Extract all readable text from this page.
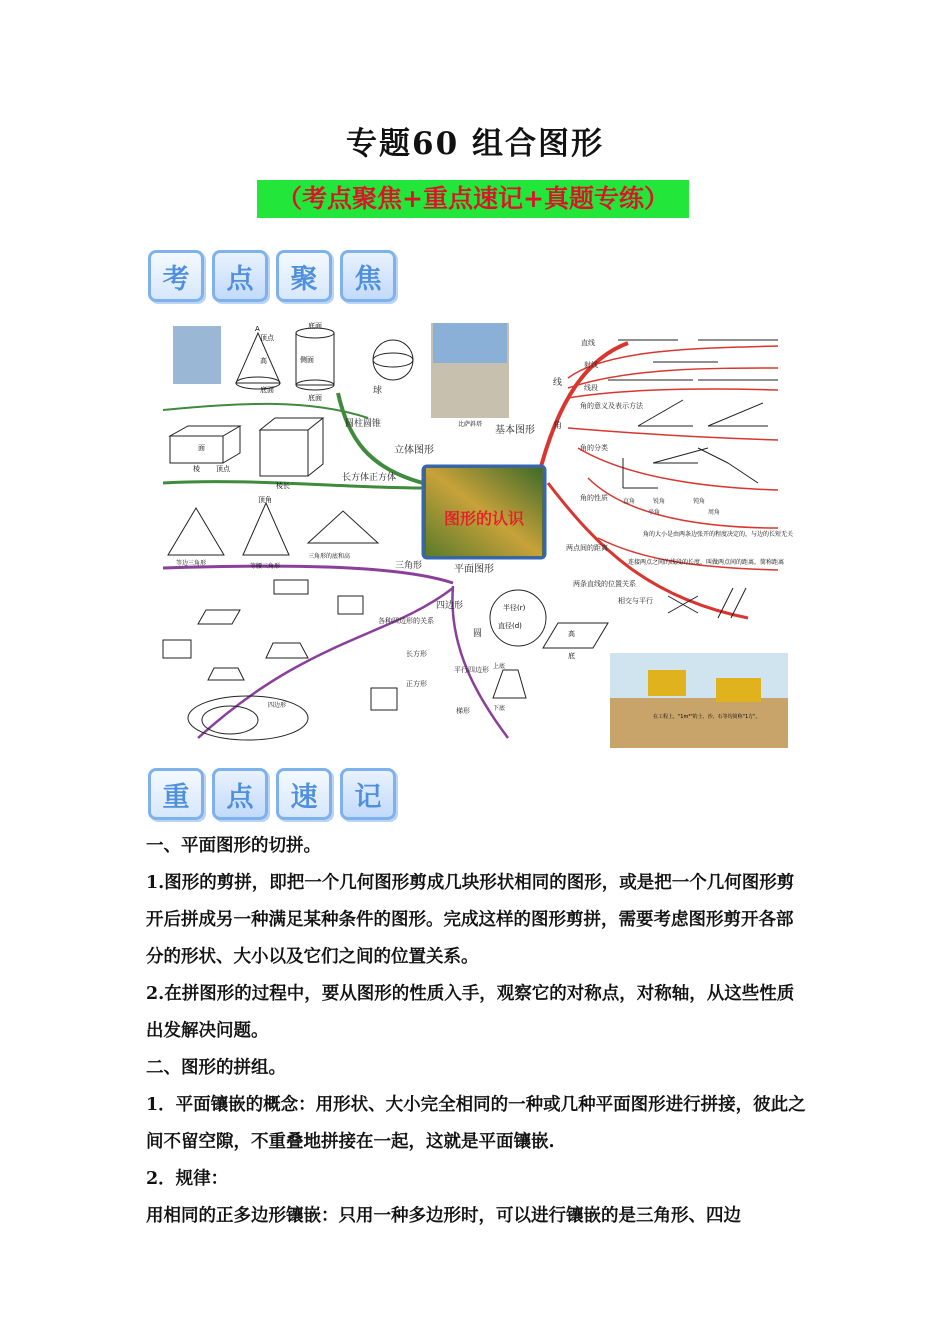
专题60 组合图形
（考点聚焦+重点速记+真题专练）
考	点	聚	焦
图形的认识
比萨斜塔
A
顶点
高
底面
底面
侧面
底面
面
棱 顶点
棱长
顶角
等边三角形	等腰三角形
三角形的底和高
四边形
高
底
上底
下底
半径(r)
直径(d)
直线
射线
线段
线
角
角的意义及表示方法
角的分类
角的性质
两点间的距离
两条直线的位置关系
相交与平行
钝角
直角	锐角
平角	周角
角的大小是由两条边张开的程度决定的，与边的长短无关
连接两点之间的线段的长度，叫做两点间的距离，简称距离
球
圆柱圆锥
长方体正方体
立体图形
基本图形
平面图形
三角形
四边形
圆
各种四边形的关系
长方形
正方形
平行四边形
梯形
在工程上，"1m³"的土、沙、石等均简称"1方"。
重	点	速	记

一、平面图形的切拼。

1.图形的剪拼，即把一个几何图形剪成几块形状相同的图形，或是把一个几何图形剪开后拼成另一种满足某种条件的图形。完成这样的图形剪拼，需要考虑图形剪开各部分的形状、大小以及它们之间的位置关系。

2.在拼图形的过程中，要从图形的性质入手，观察它的对称点，对称轴，从这些性质出发解决问题。

二、图形的拼组。

1．平面镶嵌的概念：用形状、大小完全相同的一种或几种平面图形进行拼接，彼此之间不留空隙，不重叠地拼接在一起，这就是平面镶嵌.

2．规律：

用相同的正多边形镶嵌：只用一种多边形时，可以进行镶嵌的是三角形、四边
